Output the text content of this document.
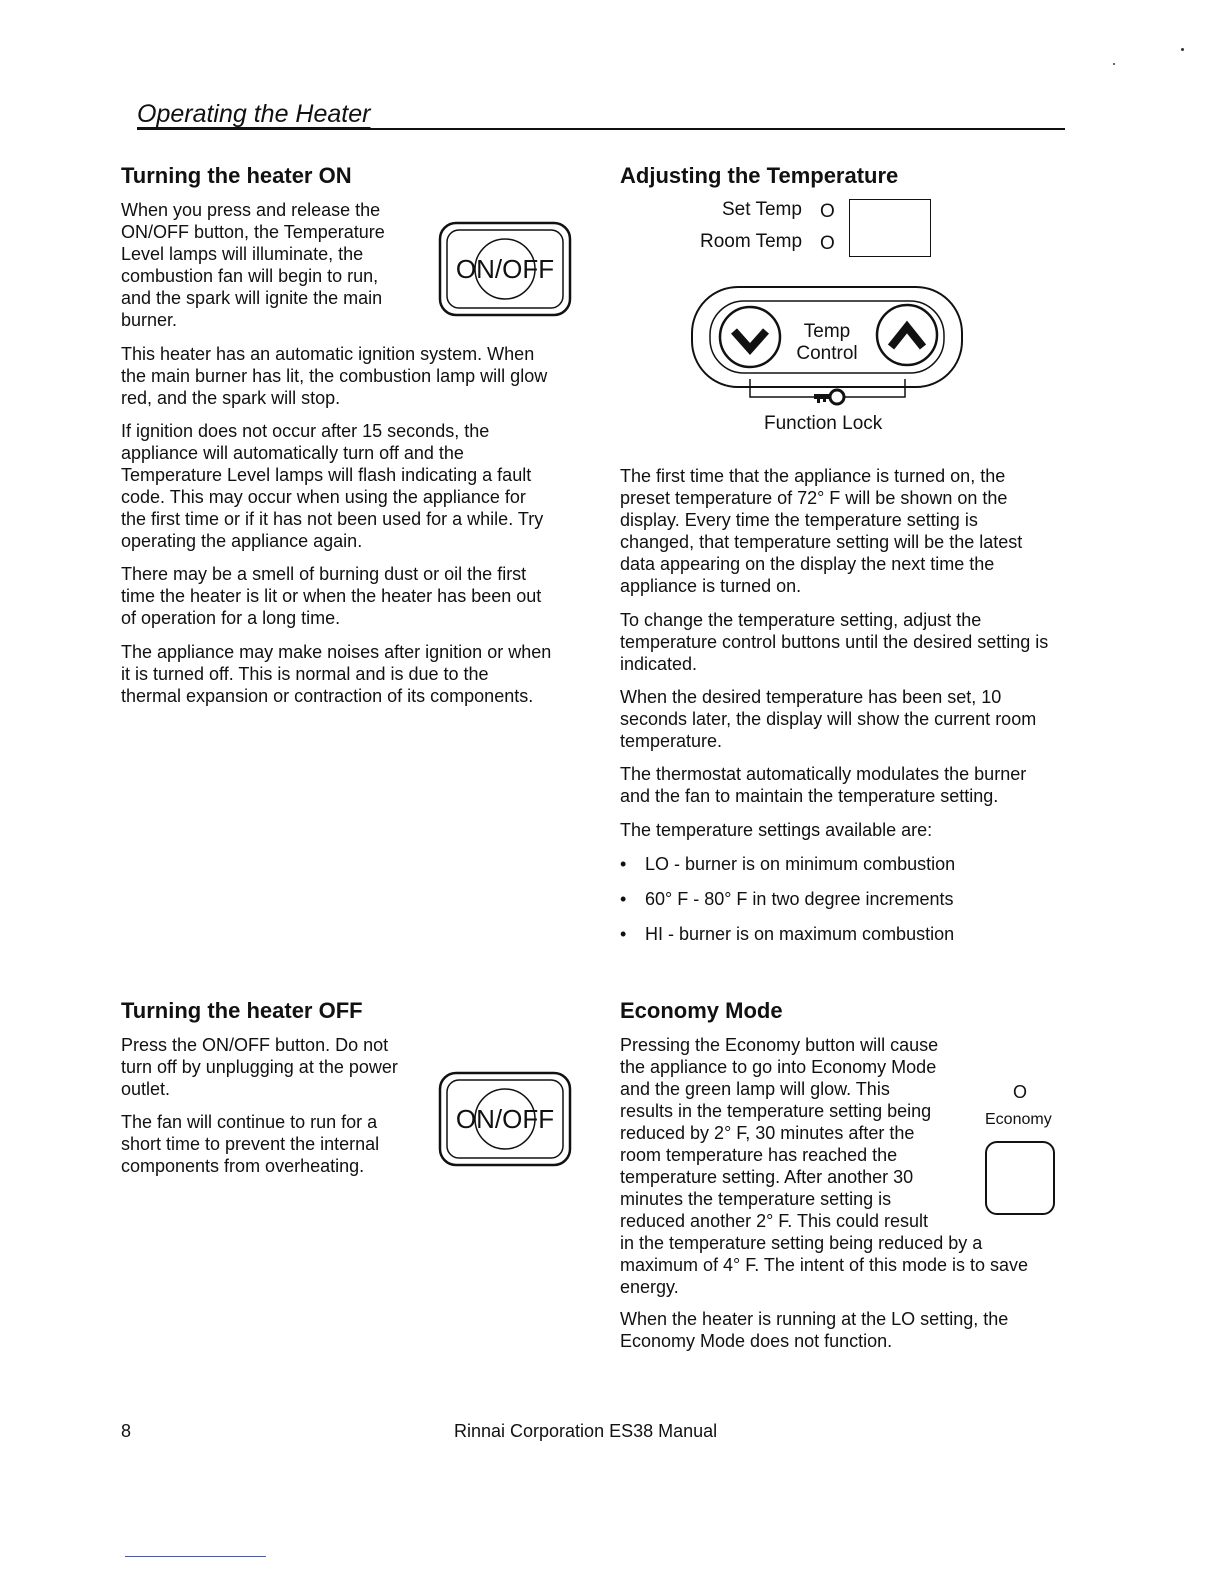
Operating the Heater
Turning the heater ON

When you press and release the
ON/OFF button, the Temperature
Level lamps will illuminate, the
combustion fan will begin to run,
and the spark will ignite the main
burner.

This heater has an automatic ignition system. When
the main burner has lit, the combustion lamp will glow
red, and the spark will stop.

If ignition does not occur after 15 seconds, the
appliance will automatically turn off and the
Temperature Level lamps will flash indicating a fault
code. This may occur when using the appliance for
the first time or if it has not been used for a while. Try
operating the appliance again.

There may be a smell of burning dust or oil the first
time the heater is lit or when the heater has been out
of operation for a long time.

The appliance may make noises after ignition or when
it is turned off. This is normal and is due to the
thermal expansion or contraction of its components.

ON/OFF
Turning the heater OFF

Press the ON/OFF button. Do not
turn off by unplugging at the power
outlet.

The fan will continue to run for a
short time to prevent the internal
components from overheating.

ON/OFF
Adjusting the Temperature
Set Temp
Room Temp
O
O
Temp
Control
Function Lock

The first time that the appliance is turned on, the
preset temperature of 72° F will be shown on the
display. Every time the temperature setting is
changed, that temperature setting will be the latest
data appearing on the display the next time the
appliance is turned on.

To change the temperature setting, adjust the
temperature control buttons until the desired setting is
indicated.

When the desired temperature has been set, 10
seconds later, the display will show the current room
temperature.

The thermostat automatically modulates the burner
and the fan to maintain the temperature setting.

The temperature settings available are:

• LO - burner is on minimum combustion
• 60° F - 80° F in two degree increments
• HI - burner is on maximum combustion
Economy Mode

Pressing the Economy button will cause
the appliance to go into Economy Mode
and the green lamp will glow. This
results in the temperature setting being
reduced by 2° F, 30 minutes after the
room temperature has reached the
temperature setting. After another 30
minutes the temperature setting is
reduced another 2° F. This could result
in the temperature setting being reduced by a
maximum of 4° F. The intent of this mode is to save
energy.

When the heater is running at the LO setting, the
Economy Mode does not function.

O
Economy
8	Rinnai Corporation ES38 Manual
